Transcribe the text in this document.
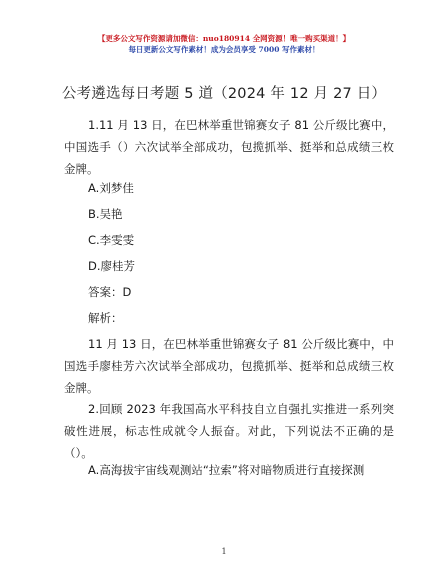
【更多公文写作资源请加微信：nuo180914 全网资源！唯一购买渠道！】
每日更新公文写作素材！成为会员享受 7000 写作素材！
公考遴选每日考题 5 道（2024 年 12 月 27 日）
1.11 月 13 日，在巴林举重世锦赛女子 81 公斤级比赛中，中国选手（）六次试举全部成功，包揽抓举、挺举和总成绩三枚金牌。
A.刘梦佳
B.吴艳
C.李雯雯
D.廖桂芳
答案：D
解析：
11 月 13 日，在巴林举重世锦赛女子 81 公斤级比赛中，中国选手廖桂芳六次试举全部成功，包揽抓举、挺举和总成绩三枚金牌。
2.回顾 2023 年我国高水平科技自立自强扎实推进一系列突破性进展，标志性成就令人振奋。对此，下列说法不正确的是（）。
A.高海拔宇宙线观测站“拉索”将对暗物质进行直接探测
1
